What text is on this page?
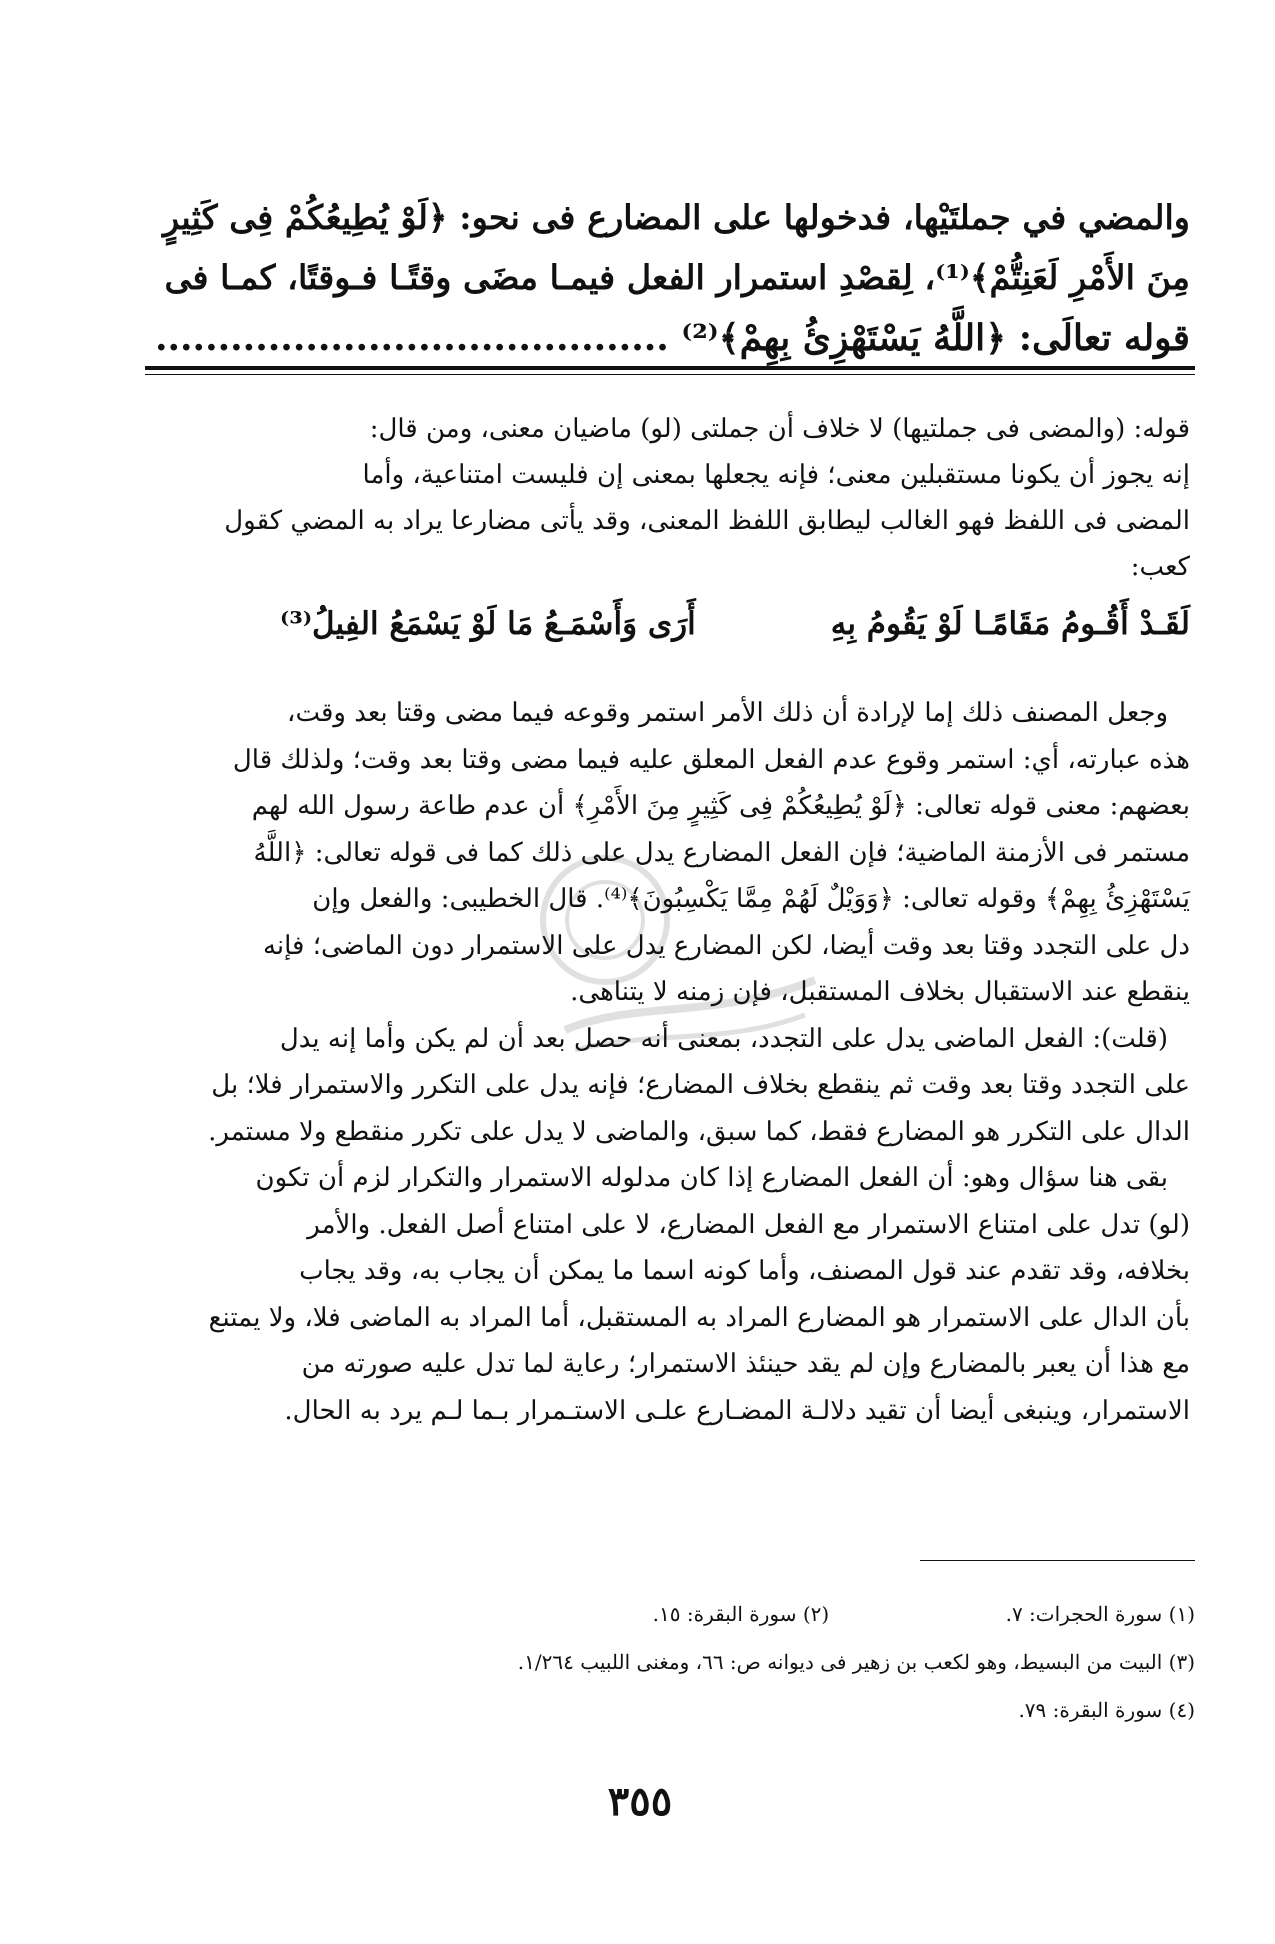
والمضي في جملتَيْها، فدخولها على المضارع فى نحو: ﴿لَوْ يُطِيعُكُمْ فِى كَثِيرٍ
مِنَ الأَمْرِ لَعَنِتُّمْ﴾⁽¹⁾، لِقصْدِ استمرار الفعل فيمـا مضَى وقتًـا فـوقتًا، كمـا فى
قوله تعالَى: ﴿اللَّهُ يَسْتَهْزِئُ بِهِمْ﴾⁽²⁾ .........................................
قوله: (والمضى فى جملتيها) لا خلاف أن جملتى (لو) ماضيان معنى، ومن قال:
إنه يجوز أن يكونا مستقبلين معنى؛ فإنه يجعلها بمعنى إن فليست امتناعية، وأما
المضى فى اللفظ فهو الغالب ليطابق اللفظ المعنى، وقد يأتى مضارعا يراد به المضي كقول
كعب:
لَقَـدْ أَقُـومُ مَقَامًـا لَوْ يَقُومُ بِهِ
أَرَى وَأَسْمَـعُ مَا لَوْ يَسْمَعُ الفِيلُ⁽³⁾
وجعل المصنف ذلك إما لإرادة أن ذلك الأمر استمر وقوعه فيما مضى وقتا بعد وقت،
هذه عبارته، أي: استمر وقوع عدم الفعل المعلق عليه فيما مضى وقتا بعد وقت؛ ولذلك قال
بعضهم: معنى قوله تعالى: ﴿لَوْ يُطِيعُكُمْ فِى كَثِيرٍ مِنَ الأَمْرِ﴾ أن عدم طاعة رسول الله لهم
مستمر فى الأزمنة الماضية؛ فإن الفعل المضارع يدل على ذلك كما فى قوله تعالى: ﴿اللَّهُ
يَسْتَهْزِئُ بِهِمْ﴾ وقوله تعالى: ﴿وَوَيْلٌ لَهُمْ مِمَّا يَكْسِبُونَ﴾⁽⁴⁾. قال الخطيبى: والفعل وإن
دل على التجدد وقتا بعد وقت أيضا، لكن المضارع يدل على الاستمرار دون الماضى؛ فإنه
ينقطع عند الاستقبال بخلاف المستقبل، فإن زمنه لا يتناهى.
(قلت): الفعل الماضى يدل على التجدد، بمعنى أنه حصل بعد أن لم يكن وأما إنه يدل
على التجدد وقتا بعد وقت ثم ينقطع بخلاف المضارع؛ فإنه يدل على التكرر والاستمرار فلا؛ بل
الدال على التكرر هو المضارع فقط، كما سبق، والماضى لا يدل على تكرر منقطع ولا مستمر.
بقى هنا سؤال وهو: أن الفعل المضارع إذا كان مدلوله الاستمرار والتكرار لزم أن تكون
(لو) تدل على امتناع الاستمرار مع الفعل المضارع، لا على امتناع أصل الفعل. والأمر
بخلافه، وقد تقدم عند قول المصنف، وأما كونه اسما ما يمكن أن يجاب به، وقد يجاب
بأن الدال على الاستمرار هو المضارع المراد به المستقبل، أما المراد به الماضى فلا، ولا يمتنع
مع هذا أن يعبر بالمضارع وإن لم يقد حينئذ الاستمرار؛ رعاية لما تدل عليه صورته من
الاستمرار، وينبغى أيضا أن تقيد دلالـة المضـارع علـى الاستـمرار بـما لـم يرد به الحال.
(١) سورة الحجرات: ٧. (٢) سورة البقرة: ١٥.
(٣) البيت من البسيط، وهو لكعب بن زهير فى ديوانه ص: ٦٦، ومغنى اللبيب ١/٢٦٤.
(٤) سورة البقرة: ٧٩.
٣٥٥
